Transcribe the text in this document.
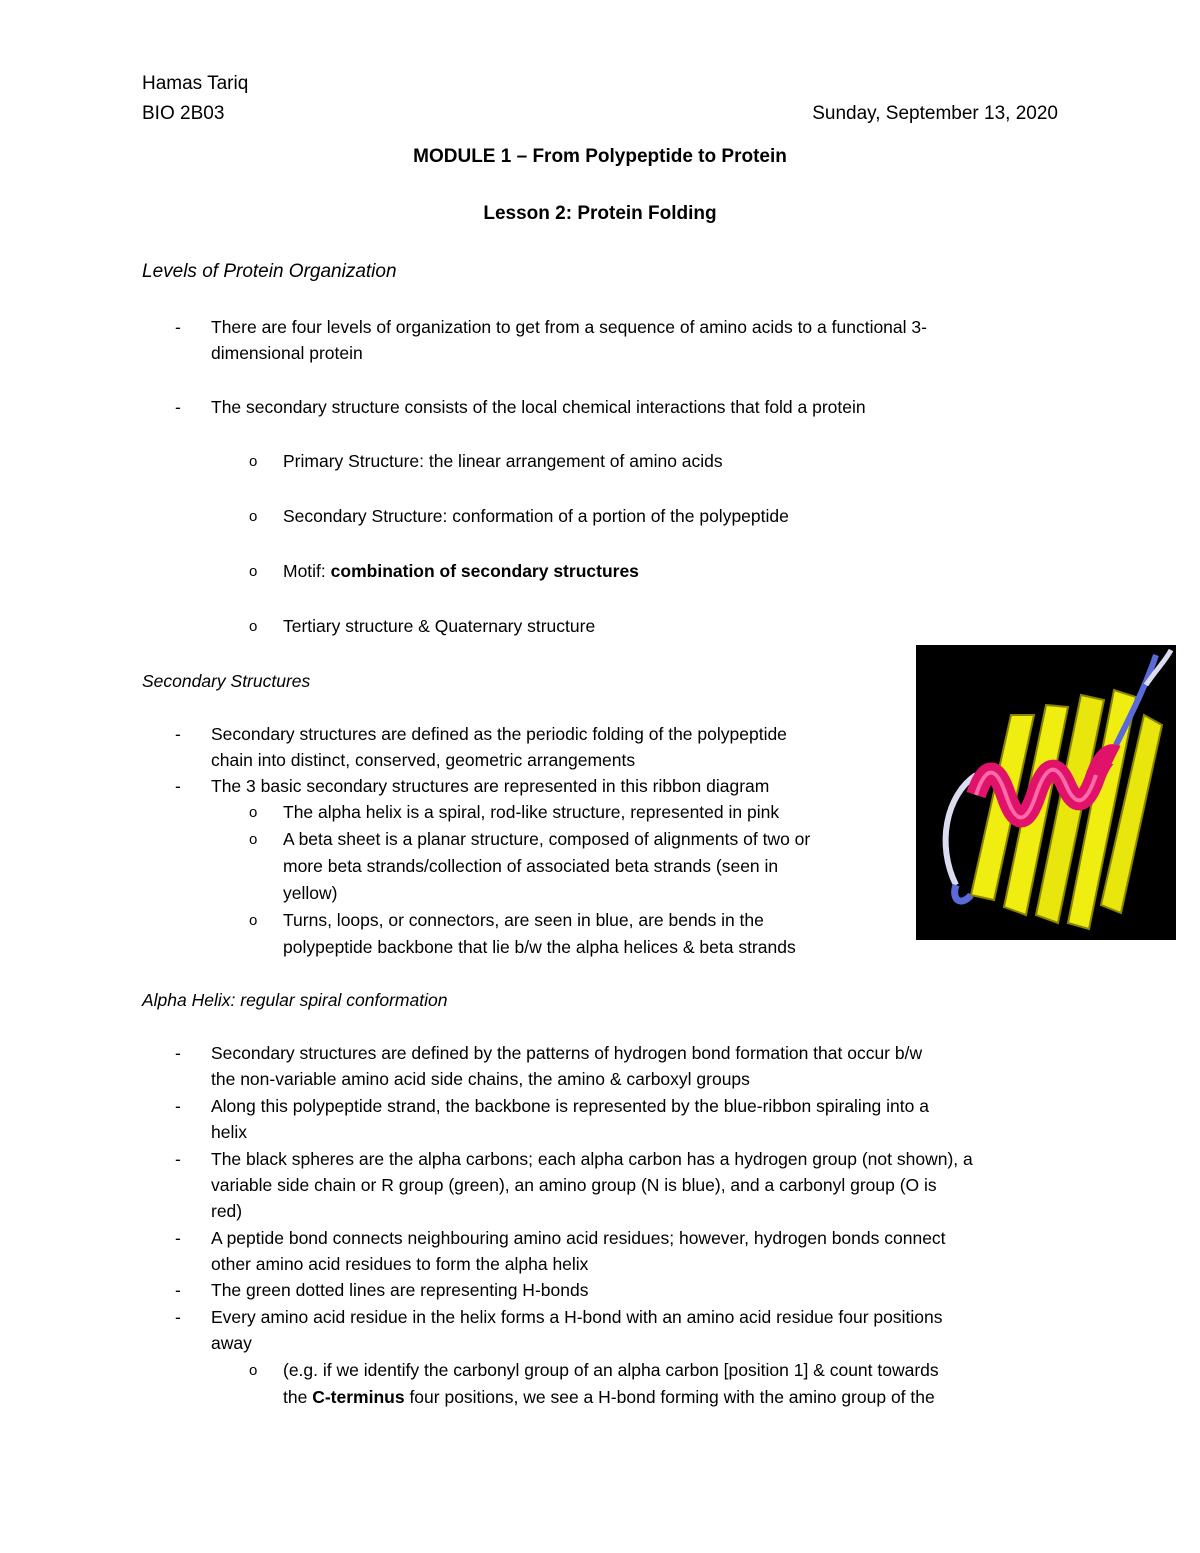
Hamas Tariq
BIO 2B03	Sunday, September 13, 2020
MODULE 1 – From Polypeptide to Protein
Lesson 2: Protein Folding
Levels of Protein Organization
- There are four levels of organization to get from a sequence of amino acids to a functional 3-
dimensional protein
- The secondary structure consists of the local chemical interactions that fold a protein
o Primary Structure: the linear arrangement of amino acids
o Secondary Structure: conformation of a portion of the polypeptide
o Motif: combination of secondary structures
o Tertiary structure & Quaternary structure
Secondary Structures
- Secondary structures are defined as the periodic folding of the polypeptide
chain into distinct, conserved, geometric arrangements
- The 3 basic secondary structures are represented in this ribbon diagram
o The alpha helix is a spiral, rod-like structure, represented in pink
o A beta sheet is a planar structure, composed of alignments of two or
more beta strands/collection of associated beta strands (seen in
yellow)
o Turns, loops, or connectors, are seen in blue, are bends in the
polypeptide backbone that lie b/w the alpha helices & beta strands
Alpha Helix: regular spiral conformation
- Secondary structures are defined by the patterns of hydrogen bond formation that occur b/w
the non-variable amino acid side chains, the amino & carboxyl groups
- Along this polypeptide strand, the backbone is represented by the blue-ribbon spiraling into a
helix
- The black spheres are the alpha carbons; each alpha carbon has a hydrogen group (not shown), a
variable side chain or R group (green), an amino group (N is blue), and a carbonyl group (O is
red)
- A peptide bond connects neighbouring amino acid residues; however, hydrogen bonds connect
other amino acid residues to form the alpha helix
- The green dotted lines are representing H-bonds
- Every amino acid residue in the helix forms a H-bond with an amino acid residue four positions
away
o (e.g. if we identify the carbonyl group of an alpha carbon [position 1] & count towards
the C-terminus four positions, we see a H-bond forming with the amino group of the
